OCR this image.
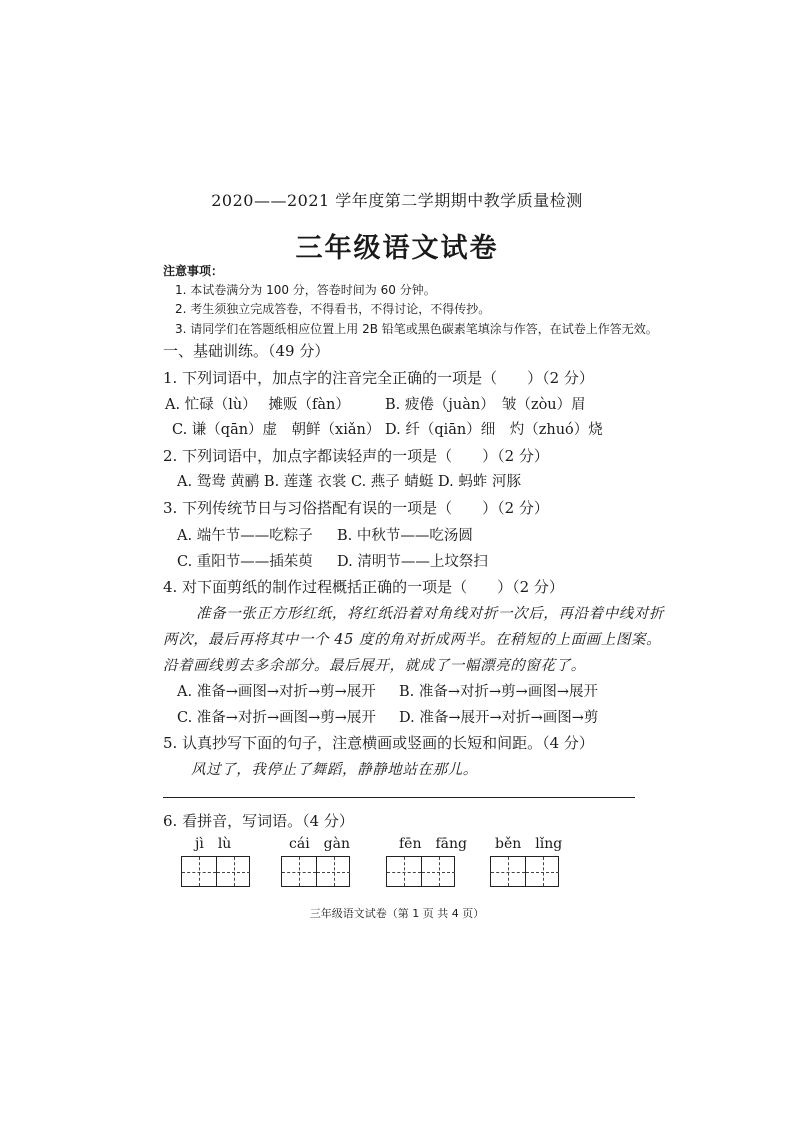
2020——2021 学年度第二学期期中教学质量检测
三年级语文试卷
注意事项：
1. 本试卷满分为 100 分，答卷时间为 60 分钟。
2. 考生须独立完成答卷，不得看书，不得讨论，不得传抄。
3. 请同学们在答题纸相应位置上用 2B 铅笔或黑色碳素笔填涂与作答，在试卷上作答无效。
一、基础训练。（49 分）
1. 下列词语中，加点字的注音完全正确的一项是（　　）（2 分）
A. 忙碌（lù）　 摊贩（fàn） B. 疲倦（juàn）　皱（zòu）眉
C. 谦（qān）虚　朝鲜（xiǎn） D. 纤（qiān）细　灼（zhuó）烧
2. 下列词语中，加点字都读轻声的一项是（　　）（2 分）
A. 鸳鸯 黄鹂 B. 莲蓬 衣裳 C. 燕子 蜻蜓 D. 蚂蚱 河豚
3. 下列传统节日与习俗搭配有误的一项是（　　）（2 分）
A. 端午节——吃粽子 B. 中秋节——吃汤圆
C. 重阳节——插茱萸 D. 清明节——上坟祭扫
4. 对下面剪纸的制作过程概括正确的一项是（　　）（2 分）
准备一张正方形红纸，将红纸沿着对角线对折一次后，再沿着中线对折
两次，最后再将其中一个 45 度的角对折成两半。在稍短的上面画上图案。
沿着画线剪去多余部分。最后展开，就成了一幅漂亮的窗花了。
A. 准备→画图→对折→剪→展开 B. 准备→对折→剪→画图→展开
C. 准备→对折→画图→剪→展开 D. 准备→展开→对折→画图→剪
5. 认真抄写下面的句子，注意横画或竖画的长短和间距。（4 分）
风过了，我停止了舞蹈，静静地站在那儿。
6. 看拼音，写词语。（4 分）
jì　lù	cái　gàn	fēn　fāng běn　lǐng
三年级语文试卷（第 1 页 共 4 页）
